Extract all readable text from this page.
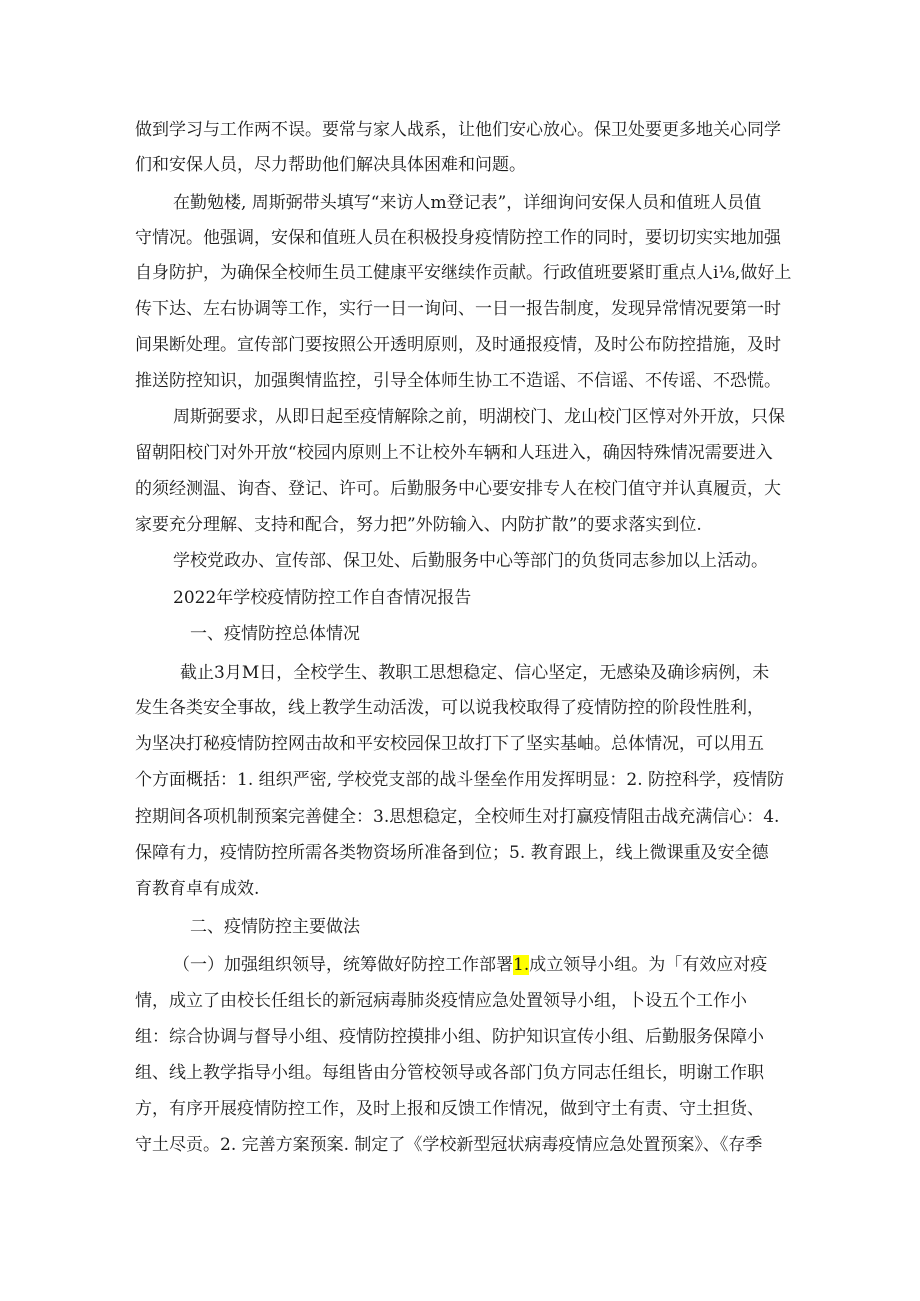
做到学习与工作两不误。要常与家人战系，让他们安心放心。保卫处要更多地关心同学
们和安保人员，尽力帮助他们解决具体困难和问题。
在勤勉楼, 周斯弼带头填写“来访人m登记表”，详细询问安保人员和值班人员值
守情况。他强调，安保和值班人员在积极投身疫情防控工作的同时，要切切实实地加强
自身防护，为确保全校师生员工健康平安继续作贡献。行政值班要紧盯重点人i⅛,做好上
传下达、左右协调等工作，实行一日一询问、一日一报告制度，发现异常情况要第一时
间果断处理。宣传部门要按照公开透明原则，及时通报疫情，及时公布防控措施，及时
推送防控知识，加强舆情监控，引导全体师生协工不造谣、不信谣、不传谣、不恐慌。
周斯弼要求，从即日起至疫情解除之前，明湖校门、龙山校门区惇对外开放，只保
留朝阳校门对外开放“校园内原则上不让校外车辆和人珏进入，确因特殊情况需要进入
的须经测温、询杳、登记、许可。后勤服务中心要安排专人在校门值守并认真履贡，大
家要充分理解、支持和配合，努力把”外防输入、内防扩散”的要求落实到位.
学校党政办、宣传部、保卫处、后勤服务中心等部门的负货同志参加以上活动。
2022年学校疫情防控工作自杳情况报告
一、疫情防控总体情况
截止3月M日，全校学生、教职工思想稳定、信心坚定，无感染及确诊病例，未
发生各类安全事故，线上教学生动活泼，可以说我校取得了疫情防控的阶段性胜利，
为坚决打秘疫情防控网击故和平安校园保卫故打下了坚实基岫。总体情况，可以用五
个方面概括：1. 组织严密, 学校党支部的战斗堡垒作用发挥明显：2. 防控科学，疫情防
控期间各项机制预案完善健全：3.思想稳定，全校师生对打赢疫情阻击战充满信心：4.
保障有力，疫情防控所需各类物资场所准备到位；5. 教育跟上，线上微课重及安全德
育教育卓有成效.
二、疫情防控主要做法
（一）加强组织领导，统筹做好防控工作部署1.成立领导小组。为「有效应对疫
情，成立了由校长任组长的新冠病毒肺炎疫情应急处置领导小组，卜设五个工作小
组：综合协调与督导小组、疫情防控摸排小组、防护知识宣传小组、后勤服务保障小
组、线上教学指导小组。每组皆由分管校领导或各部门负方同志任组长，明谢工作职
方，有序开展疫情防控工作，及时上报和反馈工作情况，做到守土有责、守土担货、
守土尽贡。2. 完善方案预案. 制定了《学校新型冠状病毒疫情应急处置预案》、《存季
